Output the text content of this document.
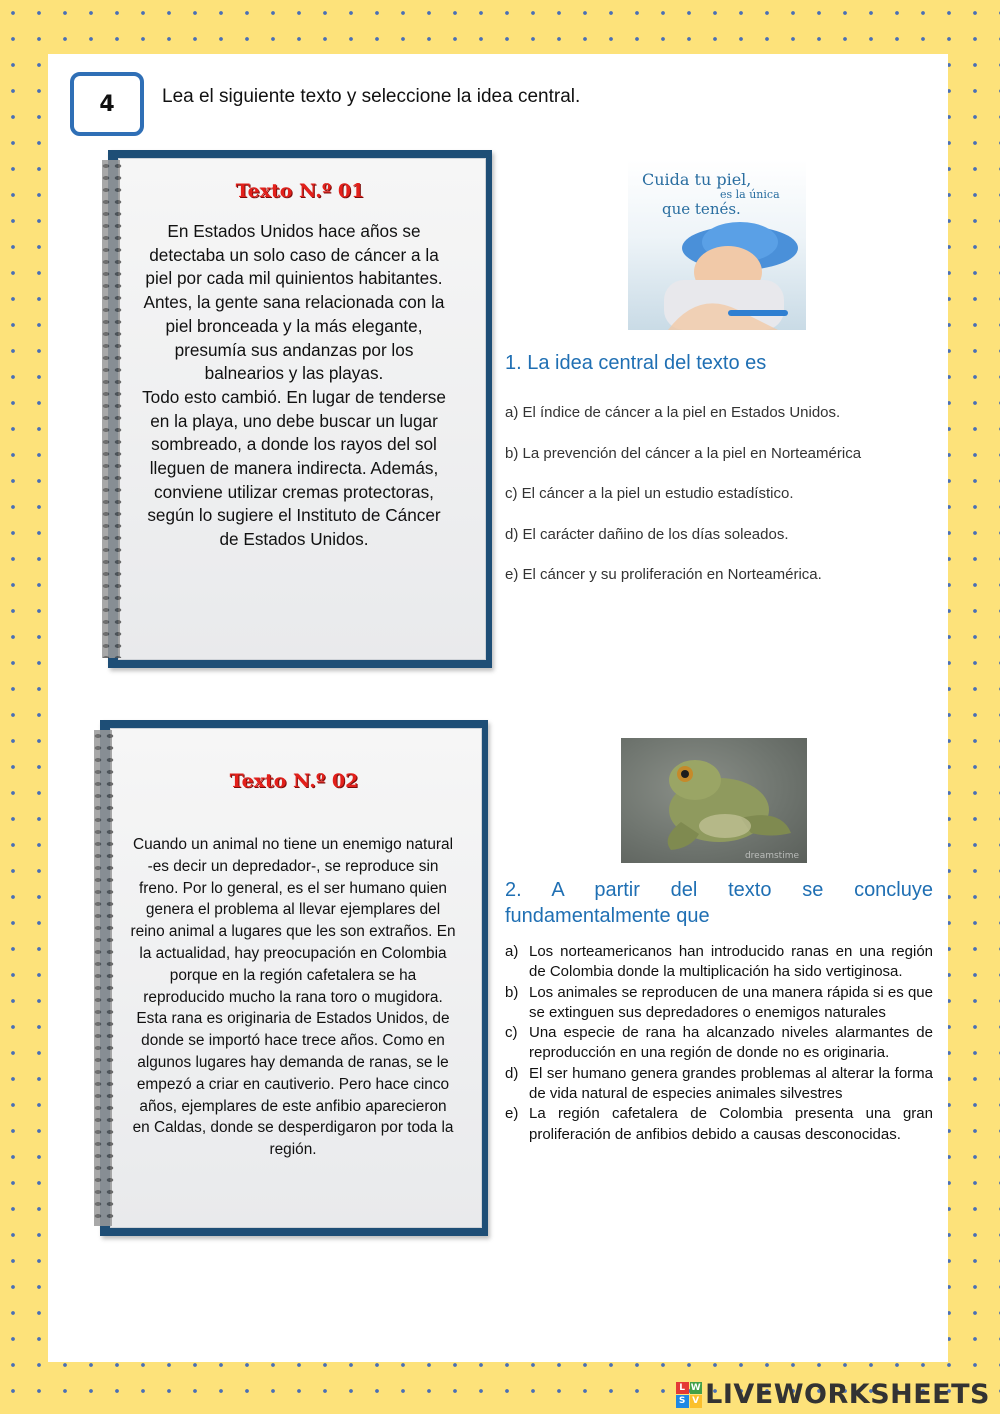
4	Lea el siguiente texto y seleccione la idea central.
Texto N.º 01

En Estados Unidos hace años se detectaba un solo caso de cáncer a la piel por cada mil quinientos habitantes. Antes, la gente sana relacionada con la piel bronceada y la más elegante, presumía sus andanzas por los balnearios y las playas.

Todo esto cambió. En lugar de tenderse en la playa, uno debe buscar un lugar sombreado, a donde los rayos del sol lleguen de manera indirecta. Además, conviene utilizar cremas protectoras, según lo sugiere el Instituto de Cáncer de Estados Unidos.

Cuida tu piel,
es la única
que tenés.
1. La idea central del texto es
a) El índice de cáncer a la piel en Estados Unidos.
b) La prevención del cáncer a la piel en Norteamérica
c) El cáncer a la piel un estudio estadístico.
d) El carácter dañino de los días soleados.
e) El cáncer y su proliferación en Norteamérica.
Texto N.º 02

Cuando un animal no tiene un enemigo natural -es decir un depredador-, se reproduce sin freno. Por lo general, es el ser humano quien genera el problema al llevar ejemplares del reino animal a lugares que les son extraños. En la actualidad, hay preocupación en Colombia porque en la región cafetalera se ha reproducido mucho la rana toro o mugidora. Esta rana es originaria de Estados Unidos, de donde se importó hace trece años. Como en algunos lugares hay demanda de ranas, se le empezó a criar en cautiverio. Pero hace cinco años, ejemplares de este anfibio aparecieron en Caldas, donde se desperdigaron por toda la región.

dreamstime
2. A partir del texto se concluye fundamentalmente que
a) Los norteamericanos han introducido ranas en una región de Colombia donde la multiplicación ha sido vertiginosa.
b) Los animales se reproducen de una manera rápida si es que se extinguen sus depredadores o enemigos naturales
c) Una especie de rana ha alcanzado niveles alarmantes de reproducción en una región de donde no es originaria.
d) El ser humano genera grandes problemas al alterar la forma de vida natural de especies animales silvestres
e) La región cafetalera de Colombia presenta una gran proliferación de anfibios debido a causas desconocidas.
L W
S V LIVEWORKSHEETS
